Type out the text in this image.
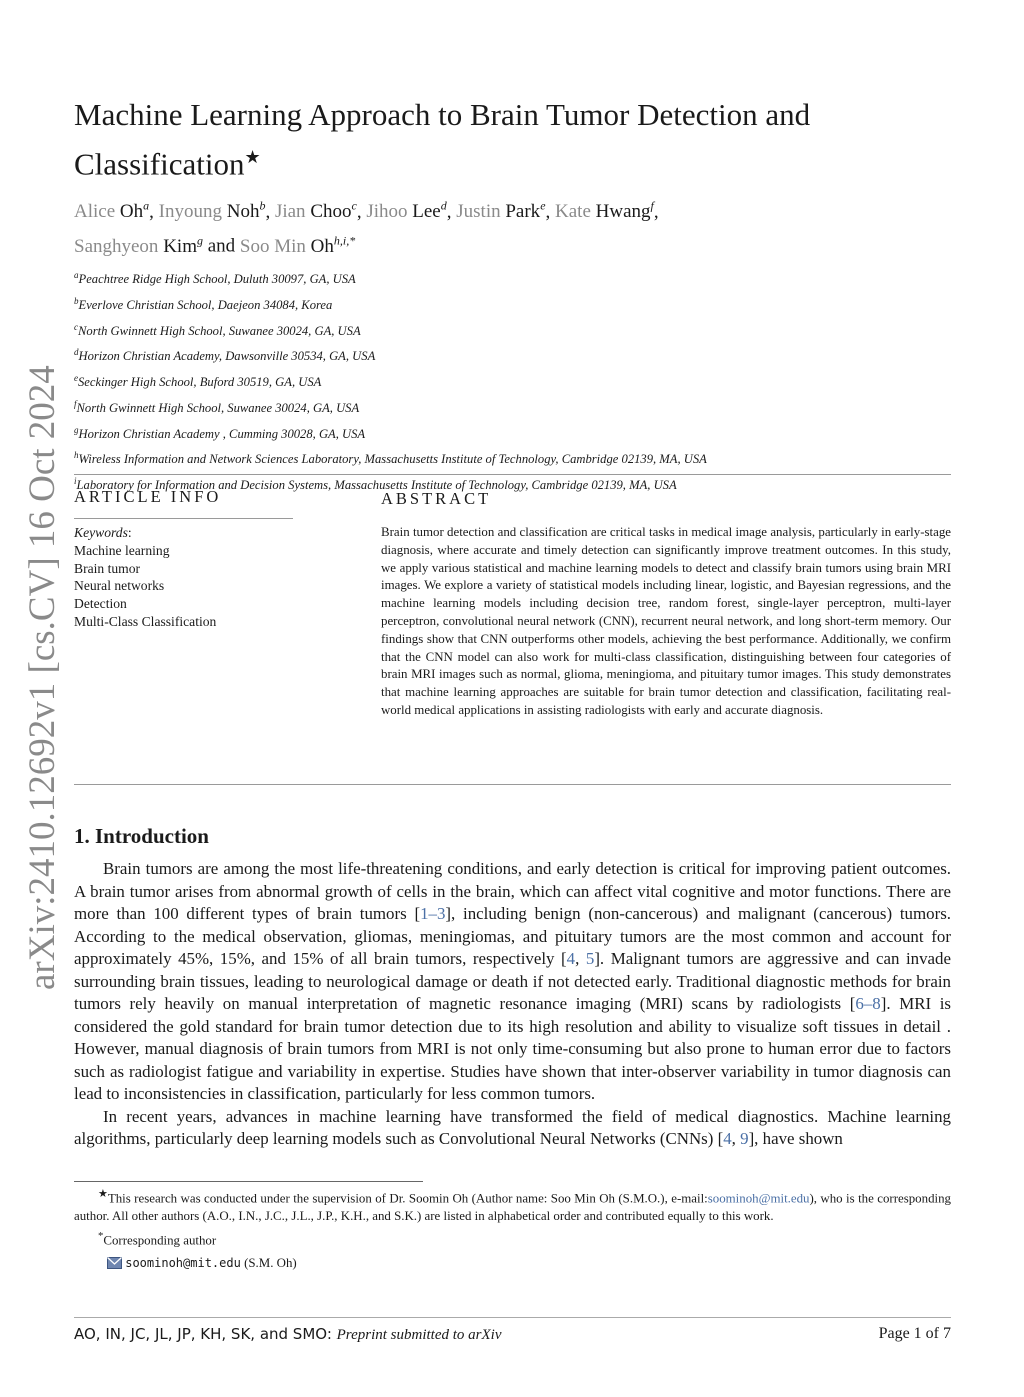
arXiv:2410.12692v1 [cs.CV] 16 Oct 2024
Machine Learning Approach to Brain Tumor Detection and Classification★
Alice Oh$^a$, Inyoung Noh$^b$, Jian Choo$^c$, Jihoo Lee$^d$, Justin Park$^e$, Kate Hwang$^f$,
Sanghyeon Kim$^g$ and Soo Min $Oh^{h,i,*}$
$^a$Peachtree Ridge High School, Duluth 30097, GA, USA
$^b$Everlove Christian School, Daejeon 34084, Korea
$^c$North Gwinnett High School, Suwanee 30024, GA, USA
$^d$Horizon Christian Academy, Dawsonville 30534, GA, USA
$^e$Seckinger High School, Buford 30519, GA, USA
$^f$North Gwinnett High School, Suwanee 30024, GA, USA
$^g$Horizon Christian Academy , Cumming 30028, GA, USA
$^h$Wireless Information and Network Sciences Laboratory, Massachusetts Institute of Technology, Cambridge 02139, MA, USA
$^i$Laboratory for Information and Decision Systems, Massachusetts Institute of Technology, Cambridge 02139, MA, USA
ARTICLE INFO
Keywords:
Machine learning
Brain tumor
Neural networks
Detection
Multi-Class Classification
ABSTRACT
Brain tumor detection and classification are critical tasks in medical image analysis, particularly in early-stage diagnosis, where accurate and timely detection can significantly improve treatment outcomes. In this study, we apply various statistical and machine learning models to detect and classify brain tumors using brain MRI images. We explore a variety of statistical models including linear, logistic, and Bayesian regressions, and the machine learning models including decision tree, random forest, single-layer perceptron, multi-layer perceptron, convolutional neural network (CNN), recurrent neural network, and long short-term memory. Our findings show that CNN outperforms other models, achieving the best performance. Additionally, we confirm that the CNN model can also work for multi-class classification, distinguishing between four categories of brain MRI images such as normal, glioma, meningioma, and pituitary tumor images. This study demonstrates that machine learning approaches are suitable for brain tumor detection and classification, facilitating real-world medical applications in assisting radiologists with early and accurate diagnosis.
1. Introduction

Brain tumors are among the most life-threatening conditions, and early detection is critical for improving patient outcomes. A brain tumor arises from abnormal growth of cells in the brain, which can affect vital cognitive and motor functions. There are more than 100 different types of brain tumors [1–3], including benign (non-cancerous) and malignant (cancerous) tumors. According to the medical observation, gliomas, meningiomas, and pituitary tumors are the most common and account for approximately 45%, 15%, and 15% of all brain tumors, respectively [4, 5]. Malignant tumors are aggressive and can invade surrounding brain tissues, leading to neurological damage or death if not detected early. Traditional diagnostic methods for brain tumors rely heavily on manual interpretation of magnetic resonance imaging (MRI) scans by radiologists [6–8]. MRI is considered the gold standard for brain tumor detection due to its high resolution and ability to visualize soft tissues in detail . However, manual diagnosis of brain tumors from MRI is not only time-consuming but also prone to human error due to factors such as radiologist fatigue and variability in expertise. Studies have shown that inter-observer variability in tumor diagnosis can lead to inconsistencies in classification, particularly for less common tumors.

In recent years, advances in machine learning have transformed the field of medical diagnostics. Machine learning algorithms, particularly deep learning models such as Convolutional Neural Networks (CNNs) [4, 9], have shown

★This research was conducted under the supervision of Dr. Soomin Oh (Author name: Soo Min Oh (S.M.O.), e-mail:soominoh@mit.edu), who is the corresponding author. All other authors (A.O., I.N., J.C., J.L., J.P., K.H., and S.K.) are listed in alphabetical order and contributed equally to this work.

*Corresponding author

soominoh@mit.edu (S.M. Oh)

AO, IN, JC, JL, JP, KH, SK, and SMO: Preprint submitted to arXiv	Page 1 of 7
